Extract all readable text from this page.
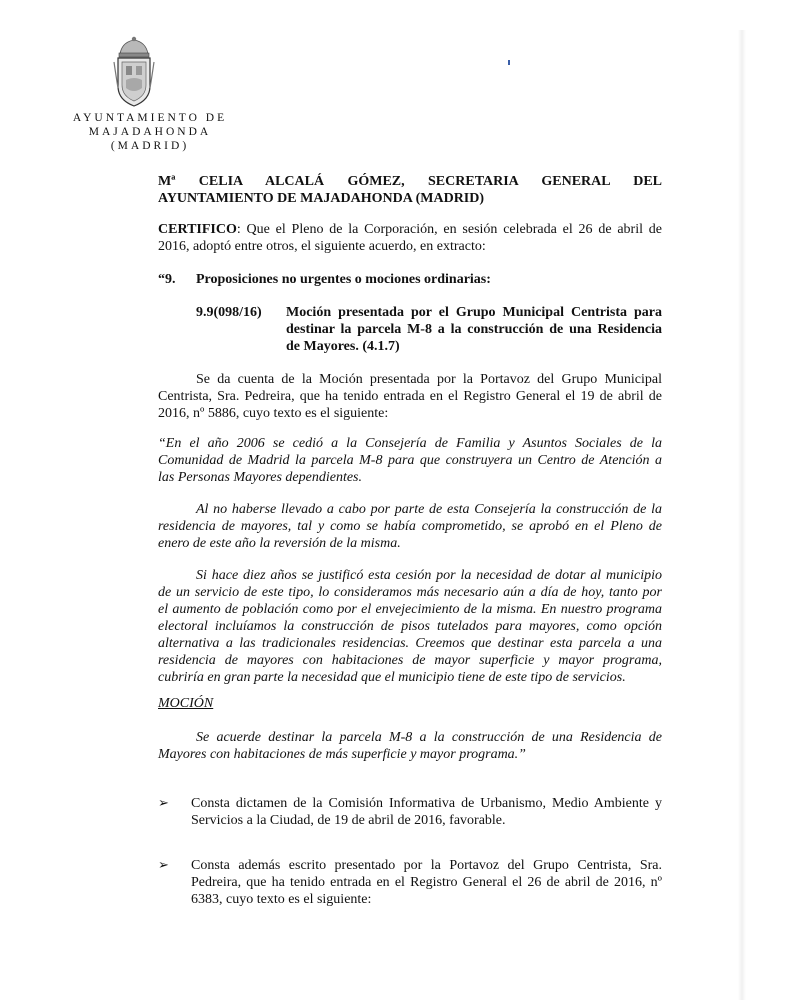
AYUNTAMIENTO DE
MAJADAHONDA
(MADRID)
Mª CELIA ALCALÁ GÓMEZ, SECRETARIA GENERAL DEL
AYUNTAMIENTO DE MAJADAHONDA (MADRID)
CERTIFICO: Que el Pleno de la Corporación, en sesión celebrada el 26 de abril de
2016, adoptó entre otros, el siguiente acuerdo, en extracto:
“9. Proposiciones no urgentes o mociones ordinarias:
9.9(098/16) Moción presentada por el Grupo Municipal Centrista para
destinar la parcela M-8 a la construcción de una Residencia
de Mayores. (4.1.7)
Se da cuenta de la Moción presentada por la Portavoz del Grupo Municipal
Centrista, Sra. Pedreira, que ha tenido entrada en el Registro General el 19 de abril de
2016, nº 5886, cuyo texto es el siguiente:
“En el año 2006 se cedió a la Consejería de Familia y Asuntos Sociales de la
Comunidad de Madrid la parcela M-8 para que construyera un Centro de Atención a
las Personas Mayores dependientes.
Al no haberse llevado a cabo por parte de esta Consejería la construcción de la
residencia de mayores, tal y como se había comprometido, se aprobó en el Pleno de
enero de este año la reversión de la misma.
Si hace diez años se justificó esta cesión por la necesidad de dotar al municipio
de un servicio de este tipo, lo consideramos más necesario aún a día de hoy, tanto por
el aumento de población como por el envejecimiento de la misma. En nuestro programa
electoral incluíamos la construcción de pisos tutelados para mayores, como opción
alternativa a las tradicionales residencias. Creemos que destinar esta parcela a una
residencia de mayores con habitaciones de mayor superficie y mayor programa,
cubriría en gran parte la necesidad que el municipio tiene de este tipo de servicios.
MOCIÓN
Se acuerde destinar la parcela M-8 a la construcción de una Residencia de
Mayores con habitaciones de más superficie y mayor programa.”
➢ Consta dictamen de la Comisión Informativa de Urbanismo, Medio Ambiente y
Servicios a la Ciudad, de 19 de abril de 2016, favorable.
➢ Consta además escrito presentado por la Portavoz del Grupo Centrista, Sra.
Pedreira, que ha tenido entrada en el Registro General el 26 de abril de 2016, nº
6383, cuyo texto es el siguiente:
